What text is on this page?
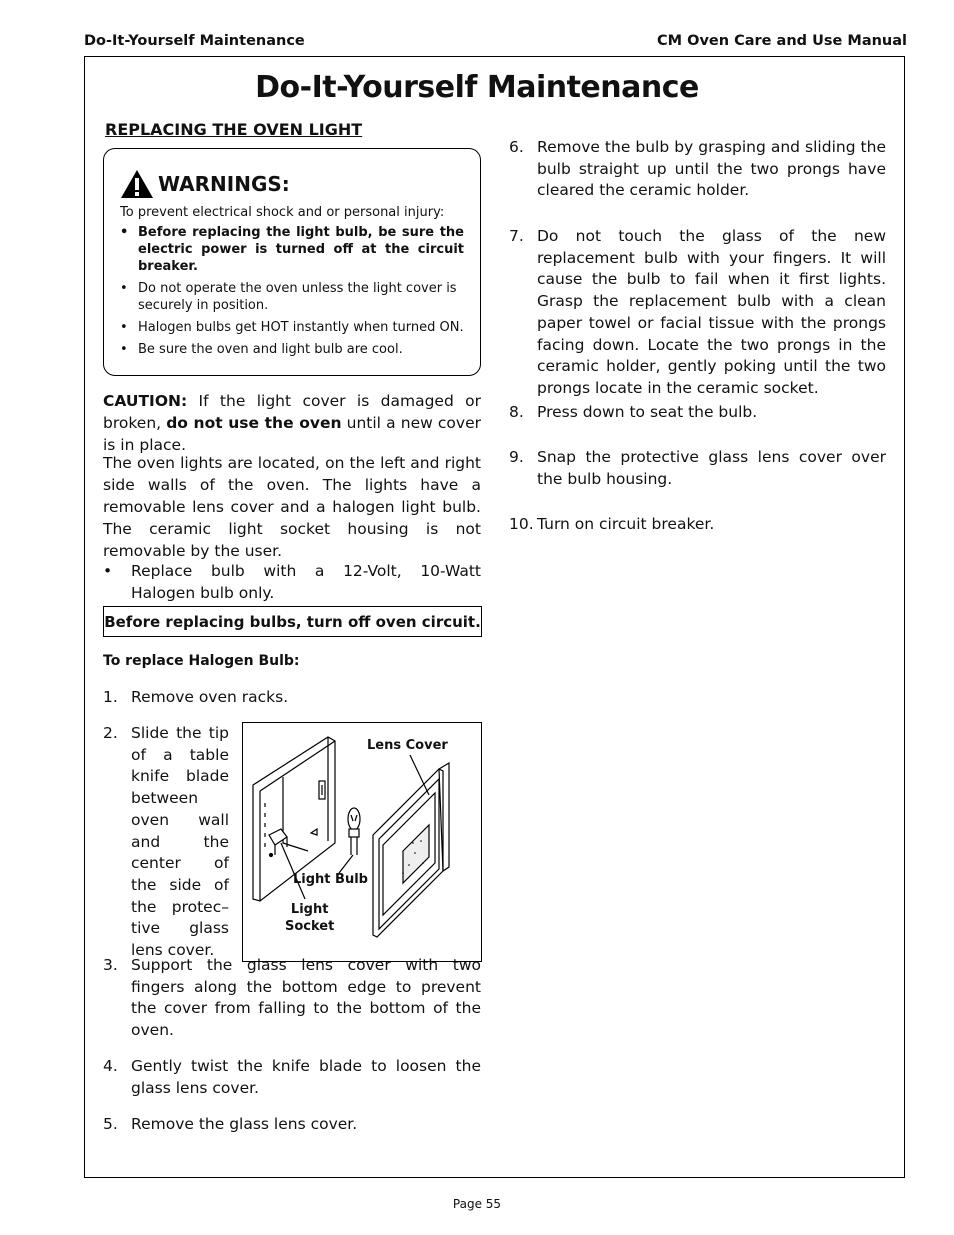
Do-It-Yourself Maintenance	CM Oven Care and Use Manual
Do-It-Yourself Maintenance
REPLACING THE OVEN LIGHT
WARNINGS:

To prevent electrical shock and or personal injury:

• Before replacing the light bulb, be sure the electric power is turned off at the circuit breaker.
• Do not operate the oven unless the light cover is securely in position.
• Halogen bulbs get HOT instantly when turned ON.
• Be sure the oven and light bulb are cool.
CAUTION: If the light cover is damaged or broken, do not use the oven until a new cover is in place.
The oven lights are located, on the left and right side walls of the oven. The lights have a removable lens cover and a halogen light bulb. The ceramic light socket housing is not removable by the user.
•	Replace bulb with a 12-Volt, 10-Watt Halogen bulb only.
Before replacing bulbs, turn off oven circuit.
To replace Halogen Bulb:
1. Remove oven racks.
2. Slide the tip of a table knife blade between oven wall and the center of the side of the protec– tive glass lens cover.
3. Support the glass lens cover with two fingers along the bottom edge to prevent the cover from falling to the bottom of the oven.
4. Gently twist the knife blade to loosen the glass lens cover.
5. Remove the glass lens cover.
6. Remove the bulb by grasping and sliding the bulb straight up until the two prongs have cleared the ceramic holder.
7. Do not touch the glass of the new replacement bulb with your fingers. It will cause the bulb to fail when it first lights. Grasp the replacement bulb with a clean paper towel or facial tissue with the prongs facing down. Locate the two prongs in the ceramic holder, gently poking until the two prongs locate in the ceramic socket.
8. Press down to seat the bulb.
9. Snap the protective glass lens cover over the bulb housing.
10. Turn on circuit breaker.
Lens Cover
Light Bulb
Light
Socket
Page 55
